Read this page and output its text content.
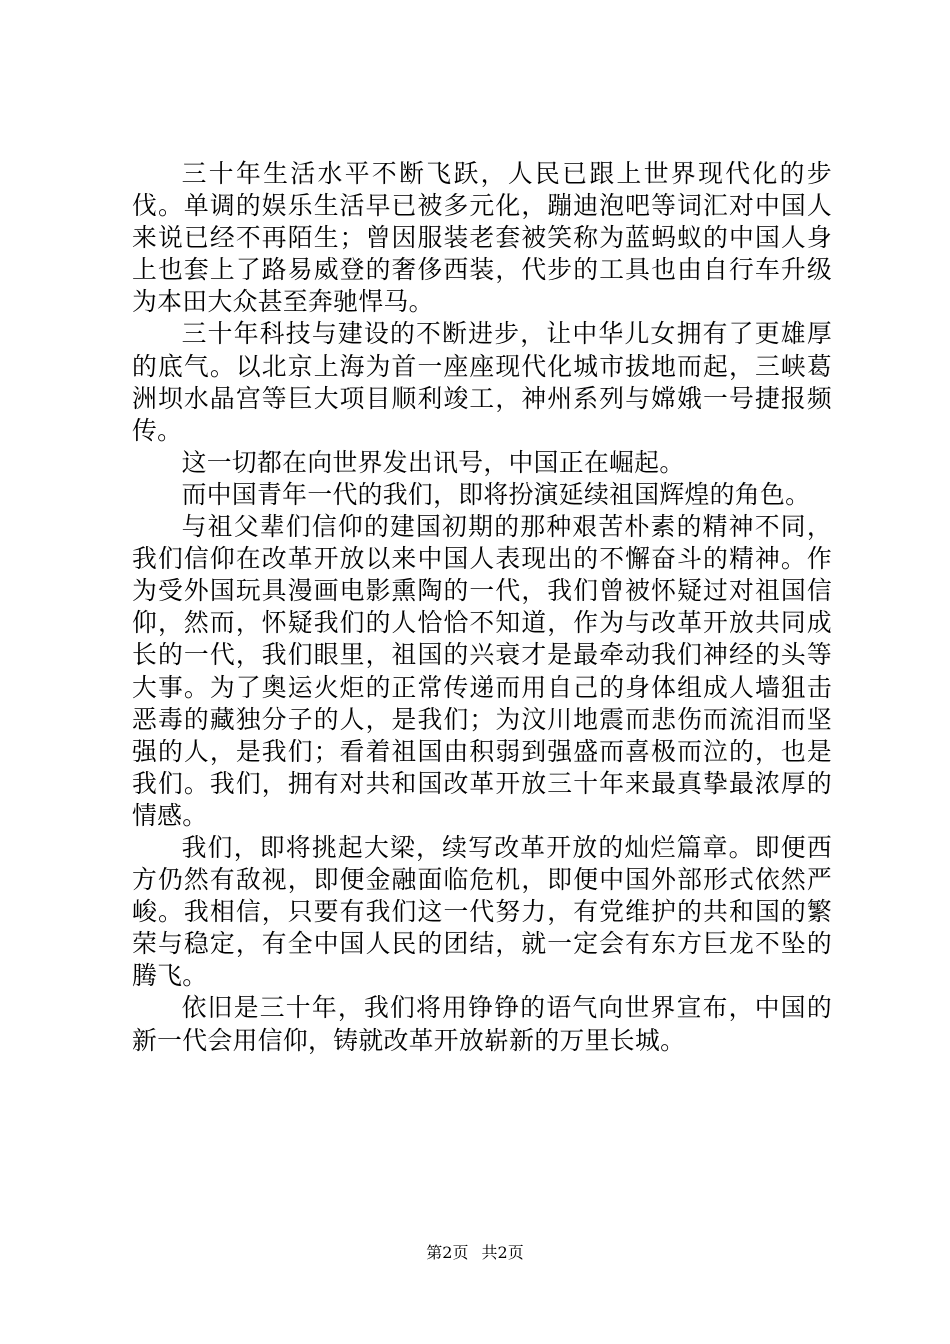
三十年生活水平不断飞跃，人民已跟上世界现代化的步伐。单调的娱乐生活早已被多元化，蹦迪泡吧等词汇对中国人来说已经不再陌生；曾因服装老套被笑称为蓝蚂蚁的中国人身上也套上了路易威登的奢侈西装，代步的工具也由自行车升级为本田大众甚至奔驰悍马。

三十年科技与建设的不断进步，让中华儿女拥有了更雄厚的底气。以北京上海为首一座座现代化城市拔地而起，三峡葛洲坝水晶宫等巨大项目顺利竣工，神州系列与嫦娥一号捷报频传。

这一切都在向世界发出讯号，中国正在崛起。

而中国青年一代的我们，即将扮演延续祖国辉煌的角色。

与祖父辈们信仰的建国初期的那种艰苦朴素的精神不同，我们信仰在改革开放以来中国人表现出的不懈奋斗的精神。作为受外国玩具漫画电影熏陶的一代，我们曾被怀疑过对祖国信仰，然而，怀疑我们的人恰恰不知道，作为与改革开放共同成长的一代，我们眼里，祖国的兴衰才是最牵动我们神经的头等大事。为了奥运火炬的正常传递而用自己的身体组成人墙狙击恶毒的藏独分子的人，是我们；为汶川地震而悲伤而流泪而坚强的人，是我们；看着祖国由积弱到强盛而喜极而泣的，也是我们。我们，拥有对共和国改革开放三十年来最真挚最浓厚的情感。

我们，即将挑起大梁，续写改革开放的灿烂篇章。即便西方仍然有敌视，即便金融面临危机，即便中国外部形式依然严峻。我相信，只要有我们这一代努力，有党维护的共和国的繁荣与稳定，有全中国人民的团结，就一定会有东方巨龙不坠的腾飞。

依旧是三十年，我们将用铮铮的语气向世界宣布，中国的新一代会用信仰，铸就改革开放崭新的万里长城。

第2页 共2页
